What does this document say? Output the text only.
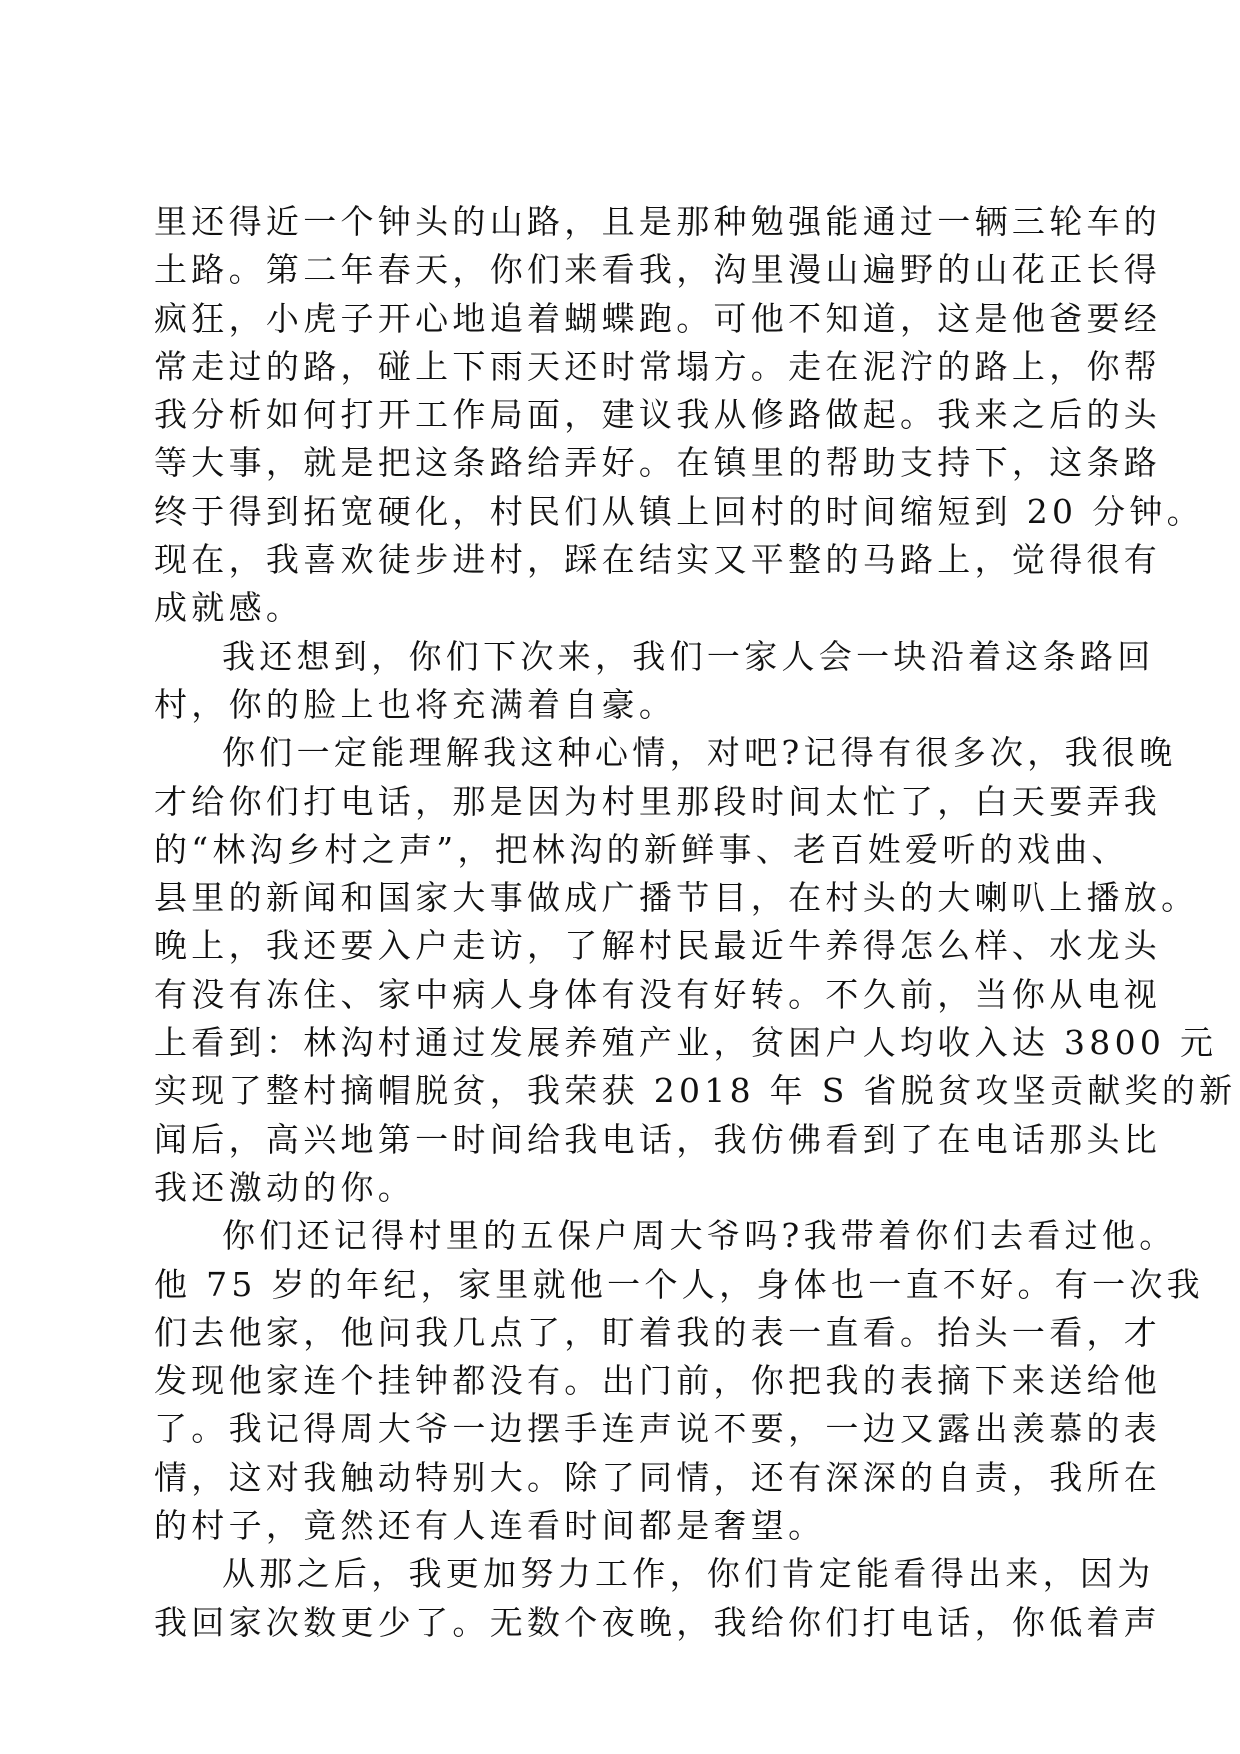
里还得近一个钟头的山路，且是那种勉强能通过一辆三轮车的
土路。第二年春天，你们来看我，沟里漫山遍野的山花正长得
疯狂，小虎子开心地追着蝴蝶跑。可他不知道，这是他爸要经
常走过的路，碰上下雨天还时常塌方。走在泥泞的路上，你帮
我分析如何打开工作局面，建议我从修路做起。我来之后的头
等大事，就是把这条路给弄好。在镇里的帮助支持下，这条路
终于得到拓宽硬化，村民们从镇上回村的时间缩短到 20 分钟。
现在，我喜欢徒步进村，踩在结实又平整的马路上，觉得很有
成就感。

我还想到，你们下次来，我们一家人会一块沿着这条路回
村，你的脸上也将充满着自豪。

你们一定能理解我这种心情，对吧?记得有很多次，我很晚
才给你们打电话，那是因为村里那段时间太忙了，白天要弄我
的“林沟乡村之声”，把林沟的新鲜事、老百姓爱听的戏曲、
县里的新闻和国家大事做成广播节目，在村头的大喇叭上播放。
晚上，我还要入户走访，了解村民最近牛养得怎么样、水龙头
有没有冻住、家中病人身体有没有好转。不久前，当你从电视
上看到：林沟村通过发展养殖产业，贫困户人均收入达 3800 元
实现了整村摘帽脱贫，我荣获 2018 年 S 省脱贫攻坚贡献奖的新
闻后，高兴地第一时间给我电话，我仿佛看到了在电话那头比
我还激动的你。

你们还记得村里的五保户周大爷吗?我带着你们去看过他。
他 75 岁的年纪，家里就他一个人，身体也一直不好。有一次我
们去他家，他问我几点了，盯着我的表一直看。抬头一看，才
发现他家连个挂钟都没有。出门前，你把我的表摘下来送给他
了。我记得周大爷一边摆手连声说不要，一边又露出羡慕的表
情，这对我触动特别大。除了同情，还有深深的自责，我所在
的村子，竟然还有人连看时间都是奢望。

从那之后，我更加努力工作，你们肯定能看得出来，因为
我回家次数更少了。无数个夜晚，我给你们打电话，你低着声
